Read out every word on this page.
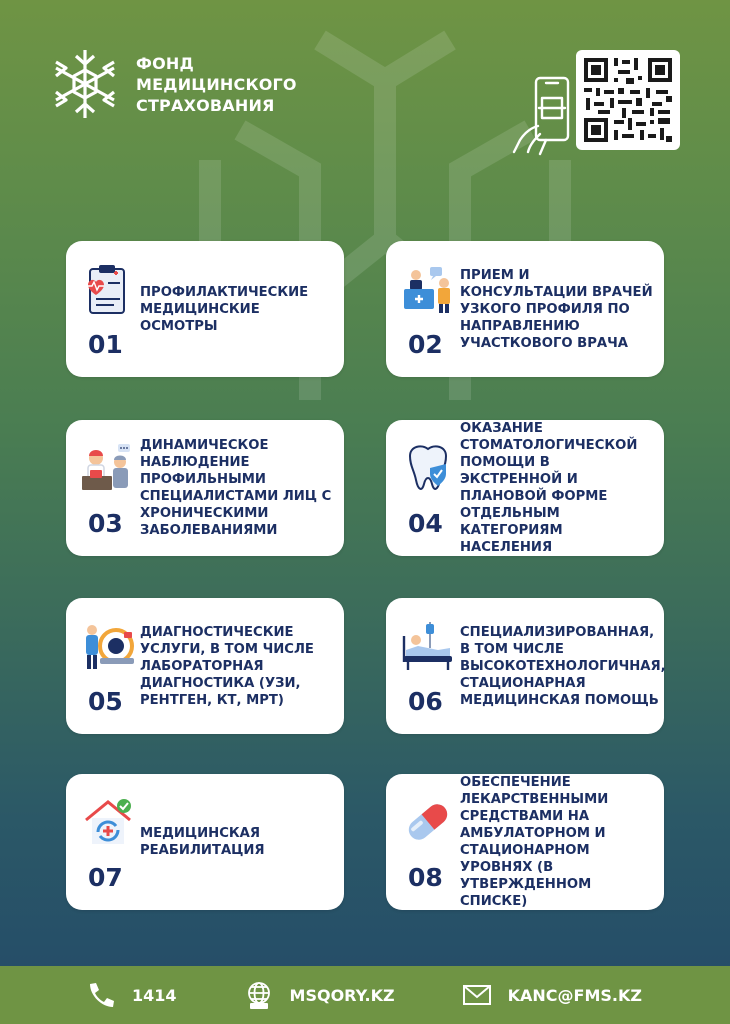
ФОНД
МЕДИЦИНСКОГО
СТРАХОВАНИЯ
ПРОФИЛАКТИЧЕСКИЕ МЕДИЦИНСКИЕ ОСМОТРЫ
01
ПРИЕМ И КОНСУЛЬТАЦИИ ВРАЧЕЙ УЗКОГО ПРОФИЛЯ ПО НАПРАВЛЕНИЮ УЧАСТКОВОГО ВРАЧА
02
ДИНАМИЧЕСКОЕ НАБЛЮДЕНИЕ ПРОФИЛЬНЫМИ СПЕЦИАЛИСТАМИ ЛИЦ С ХРОНИЧЕСКИМИ ЗАБОЛЕВАНИЯМИ
03
ОКАЗАНИЕ СТОМАТОЛОГИЧЕСКОЙ ПОМОЩИ В ЭКСТРЕННОЙ И ПЛАНОВОЙ ФОРМЕ ОТДЕЛЬНЫМ КАТЕГОРИЯМ НАСЕЛЕНИЯ
04
ДИАГНОСТИЧЕСКИЕ УСЛУГИ, В ТОМ ЧИСЛЕ ЛАБОРАТОРНАЯ ДИАГНОСТИКА (УЗИ, РЕНТГЕН, КТ, МРТ)
05
СПЕЦИАЛИЗИРОВАННАЯ, В ТОМ ЧИСЛЕ ВЫСОКОТЕХНОЛОГИЧНАЯ, СТАЦИОНАРНАЯ МЕДИЦИНСКАЯ ПОМОЩЬ
06
МЕДИЦИНСКАЯ РЕАБИЛИТАЦИЯ
07
ОБЕСПЕЧЕНИЕ ЛЕКАРСТВЕННЫМИ СРЕДСТВАМИ НА АМБУЛАТОРНОМ И СТАЦИОНАРНОМ УРОВНЯХ (В УТВЕРЖДЕННОМ СПИСКЕ)
08
1414	MSQORY.KZ	KANC@FMS.KZ
